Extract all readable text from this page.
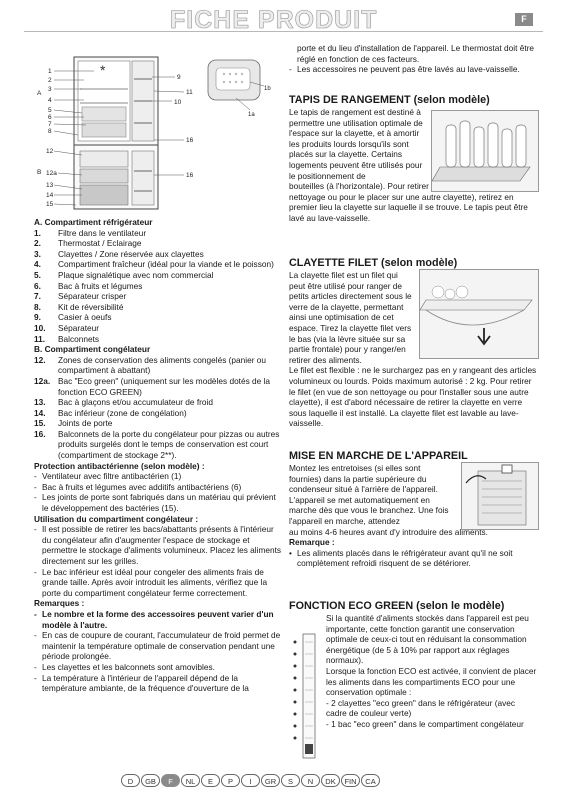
FICHE PRODUIT	F
*
A
B
1
2
3
4
5
6
7
8
12
12a
13
14
15
9
10
11
16
16
1b
1a

A. Compartiment réfrigérateur

1.	Filtre dans le ventilateur
2.	Thermostat / Eclairage
3.	Clayettes / Zone réservée aux clayettes
4.	Compartiment fraîcheur (idéal pour la viande et le poisson)
5.	Plaque signalétique avec nom commercial
6.	Bac à fruits et légumes
7.	Séparateur crisper
8.	Kit de réversibilité
9.	Casier à oeufs
10.	Séparateur
11.	Balconnets

B. Compartiment congélateur

12.	Zones de conservation des aliments congelés (panier ou compartiment à abattant)
12a. Bac "Eco green" (uniquement sur les modèles dotés de la fonction ECO GREEN)
13.	Bac à glaçons et/ou accumulateur de froid
14.	Bac inférieur (zone de congélation)
15.	Joints de porte
16.	Balconnets de la porte du congélateur pour pizzas ou autres produits surgelés dont le temps de conservation est court (compartiment de stockage 2**).

Protection antibactérienne (selon modèle) :

- Ventilateur avec filtre antibactérien (1)
- Bac à fruits et légumes avec additifs antibactériens (6)
- Les joints de porte sont fabriqués dans un matériau qui prévient le développement des bactéries (15).

Utilisation du compartiment congélateur :

- Il est possible de retirer les bacs/abattants présents à l'intérieur du congélateur afin d'augmenter l'espace de stockage et permettre le stockage d'aliments volumineux. Placez les aliments directement sur les grilles.
- Le bac inférieur est idéal pour congeler des aliments frais de grande taille. Après avoir introduit les aliments, vérifiez que la porte du compartiment congélateur ferme correctement.

Remarques :

- Le nombre et la forme des accessoires peuvent varier d'un modèle à l'autre.
- En cas de coupure de courant, l'accumulateur de froid permet de maintenir la température optimale de conservation pendant une période prolongée.
- Les clayettes et les balconnets sont amovibles.
- La température à l'intérieur de l'appareil dépend de la température ambiante, de la fréquence d'ouverture de la

porte et du lieu d'installation de l'appareil. Le thermostat doit être réglé en fonction de ces facteurs.

- Les accessoires ne peuvent pas être lavés au lave-vaisselle.

TAPIS DE RANGEMENT (selon modèle)

Le tapis de rangement est destiné à permettre une utilisation optimale de l'espace sur la clayette, et à amortir les produits lourds lorsqu'ils sont placés sur la clayette. Certains logements peuvent être utilisés pour le positionnement de

bouteilles (à l'horizontale). Pour retirer le tapis (en vue de son nettoyage ou pour le placer sur une autre clayette), retirez en premier lieu la clayette sur laquelle il se trouve. Le tapis peut être lavé au lave-vaisselle.

CLAYETTE FILET (selon modèle)

La clayette filet est un filet qui peut être utilisé pour ranger de petits articles directement sous le verre de la clayette, permettant ainsi une optimisation de cet espace. Tirez la clayette filet vers le bas (via la lèvre située sur sa partie frontale) pour y ranger/en retirer des aliments.

Le filet est flexible : ne le surchargez pas en y rangeant des articles volumineux ou lourds. Poids maximum autorisé : 2 kg. Pour retirer le filet (en vue de son nettoyage ou pour l'installer sous une autre clayette), il est d'abord nécessaire de retirer la clayette en verre sous laquelle il est installé. La clayette filet est lavable au lave-vaisselle.

MISE EN MARCHE DE L'APPAREIL

Montez les entretoises (si elles sont fournies) dans la partie supérieure du condenseur situé à l'arrière de l'appareil. L'appareil se met automatiquement en marche dès que vous le branchez. Une fois l'appareil en marche, attendez

au moins 4-6 heures avant d'y introduire des aliments.

Remarque :

• Les aliments placés dans le réfrigérateur avant qu'il ne soit complètement refroidi risquent de se détériorer.

FONCTION ECO GREEN (selon le modèle)

Si la quantité d'aliments stockés dans l'appareil est peu importante, cette fonction garantit une conservation optimale de ceux-ci tout en réduisant la consommation énergétique (de 5 à 10% par rapport aux réglages normaux).

Lorsque la fonction ECO est activée, il convient de placer les aliments dans les compartiments ECO pour une conservation optimale :

- 2 clayettes "eco green" dans le réfrigérateur (avec cadre de couleur verte)

- 1 bac "eco green" dans le compartiment congélateur

D	GB	F	NL	E	P	I	GR	S	N	DK	FIN	CA
